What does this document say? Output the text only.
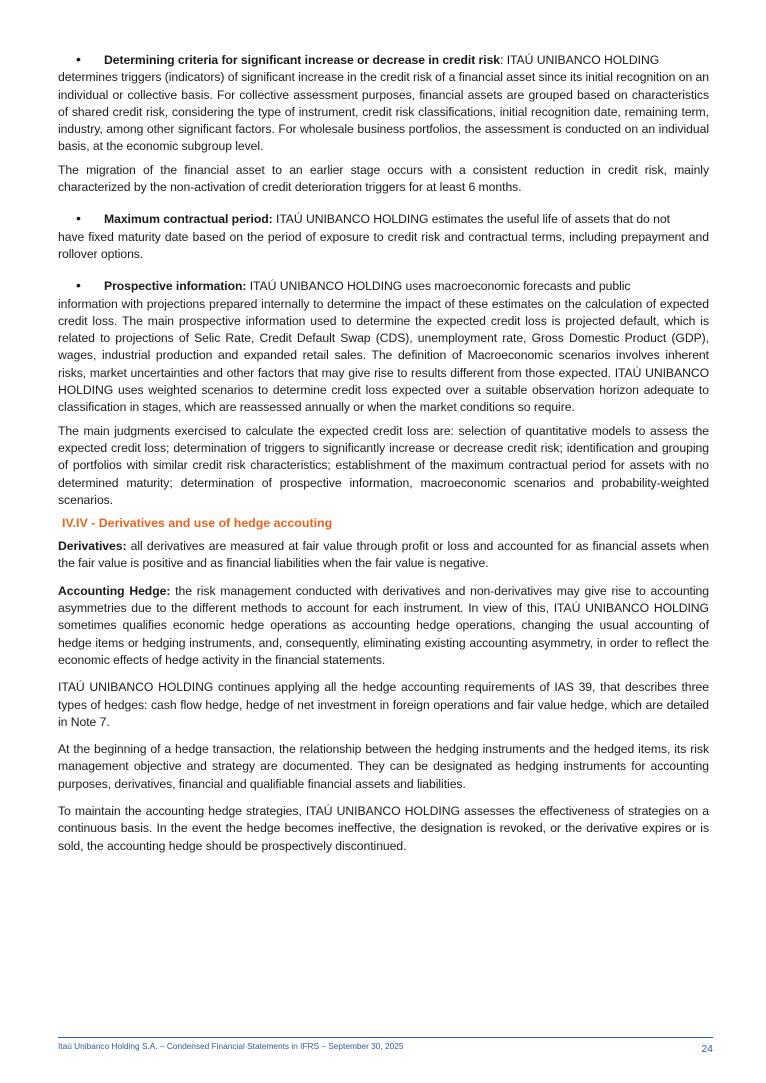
•	Determining criteria for significant increase or decrease in credit risk: ITAÚ UNIBANCO HOLDING

determines triggers (indicators) of significant increase in the credit risk of a financial asset since its initial recognition on an individual or collective basis. For collective assessment purposes, financial assets are grouped based on characteristics of shared credit risk, considering the type of instrument, credit risk classifications, initial recognition date, remaining term, industry, among other significant factors. For wholesale business portfolios, the assessment is conducted on an individual basis, at the economic subgroup level.

The migration of the financial asset to an earlier stage occurs with a consistent reduction in credit risk, mainly characterized by the non-activation of credit deterioration triggers for at least 6 months.

•	Maximum contractual period: ITAÚ UNIBANCO HOLDING estimates the useful life of assets that do not

have fixed maturity date based on the period of exposure to credit risk and contractual terms, including prepayment and rollover options.

•	Prospective information: ITAÚ UNIBANCO HOLDING uses macroeconomic forecasts and public

information with projections prepared internally to determine the impact of these estimates on the calculation of expected credit loss. The main prospective information used to determine the expected credit loss is projected default, which is related to projections of Selic Rate, Credit Default Swap (CDS), unemployment rate, Gross Domestic Product (GDP), wages, industrial production and expanded retail sales. The definition of Macroeconomic scenarios involves inherent risks, market uncertainties and other factors that may give rise to results different from those expected. ITAÚ UNIBANCO HOLDING uses weighted scenarios to determine credit loss expected over a suitable observation horizon adequate to classification in stages, which are reassessed annually or when the market conditions so require.

The main judgments exercised to calculate the expected credit loss are: selection of quantitative models to assess the expected credit loss; determination of triggers to significantly increase or decrease credit risk; identification and grouping of portfolios with similar credit risk characteristics; establishment of the maximum contractual period for assets with no determined maturity; determination of prospective information, macroeconomic scenarios and probability-weighted scenarios.

IV.IV - Derivatives and use of hedge accouting

Derivatives: all derivatives are measured at fair value through profit or loss and accounted for as financial assets when the fair value is positive and as financial liabilities when the fair value is negative.

Accounting Hedge: the risk management conducted with derivatives and non-derivatives may give rise to accounting asymmetries due to the different methods to account for each instrument. In view of this, ITAÚ UNIBANCO HOLDING sometimes qualifies economic hedge operations as accounting hedge operations, changing the usual accounting of hedge items or hedging instruments, and, consequently, eliminating existing accounting asymmetry, in order to reflect the economic effects of hedge activity in the financial statements.

ITAÚ UNIBANCO HOLDING continues applying all the hedge accounting requirements of IAS 39, that describes three types of hedges: cash flow hedge, hedge of net investment in foreign operations and fair value hedge, which are detailed in Note 7.

At the beginning of a hedge transaction, the relationship between the hedging instruments and the hedged items, its risk management objective and strategy are documented. They can be designated as hedging instruments for accounting purposes, derivatives, financial and qualifiable financial assets and liabilities.

To maintain the accounting hedge strategies, ITAÚ UNIBANCO HOLDING assesses the effectiveness of strategies on a continuous basis. In the event the hedge becomes ineffective, the designation is revoked, or the derivative expires or is sold, the accounting hedge should be prospectively discontinued.

Itaú Unibanco Holding S.A. – Condensed Financial Statements in IFRS – September 30, 2025	24
